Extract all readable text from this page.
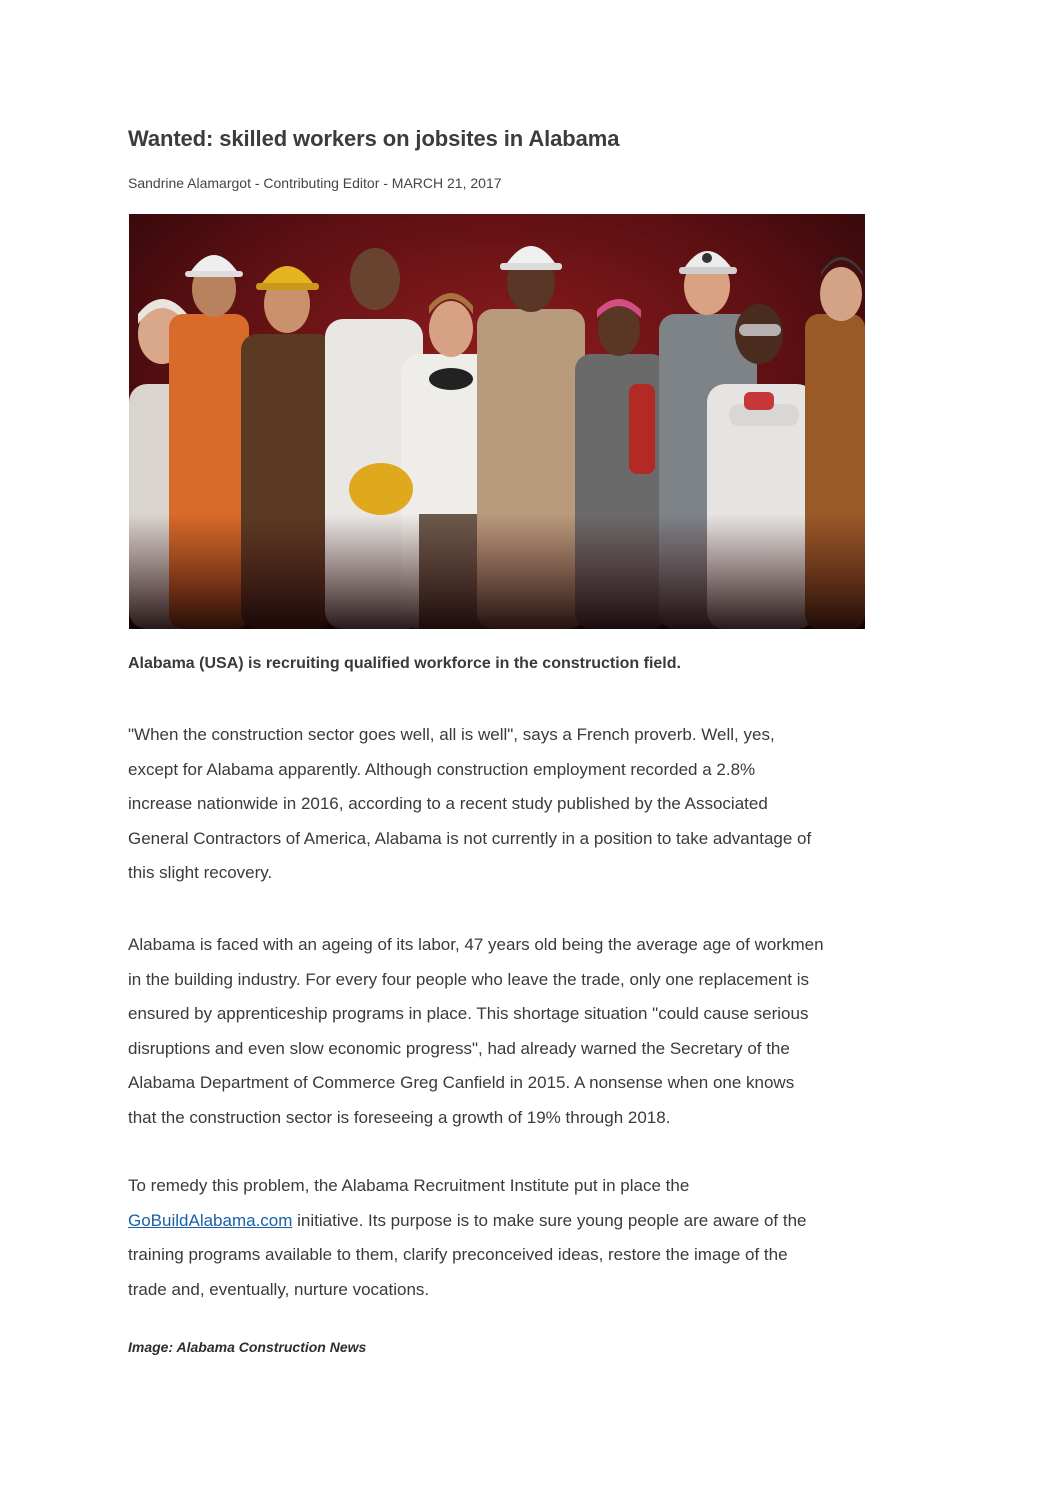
Wanted: skilled workers on jobsites in Alabama
Sandrine Alamargot - Contributing Editor - MARCH 21, 2017

Alabama (USA) is recruiting qualified workforce in the construction field.

"When the construction sector goes well, all is well", says a French proverb. Well, yes,
except for Alabama apparently. Although construction employment recorded a 2.8%
increase nationwide in 2016, according to a recent study published by the Associated
General Contractors of America, Alabama is not currently in a position to take advantage of
this slight recovery.
Alabama is faced with an ageing of its labor, 47 years old being the average age of workmen
in the building industry. For every four people who leave the trade, only one replacement is
ensured by apprenticeship programs in place. This shortage situation "could cause serious
disruptions and even slow economic progress", had already warned the Secretary of the
Alabama Department of Commerce Greg Canfield in 2015. A nonsense when one knows
that the construction sector is foreseeing a growth of 19% through 2018.
To remedy this problem, the Alabama Recruitment Institute put in place the
GoBuildAlabama.com initiative. Its purpose is to make sure young people are aware of the
training programs available to them, clarify preconceived ideas, restore the image of the
trade and, eventually, nurture vocations.
Image: Alabama Construction News
